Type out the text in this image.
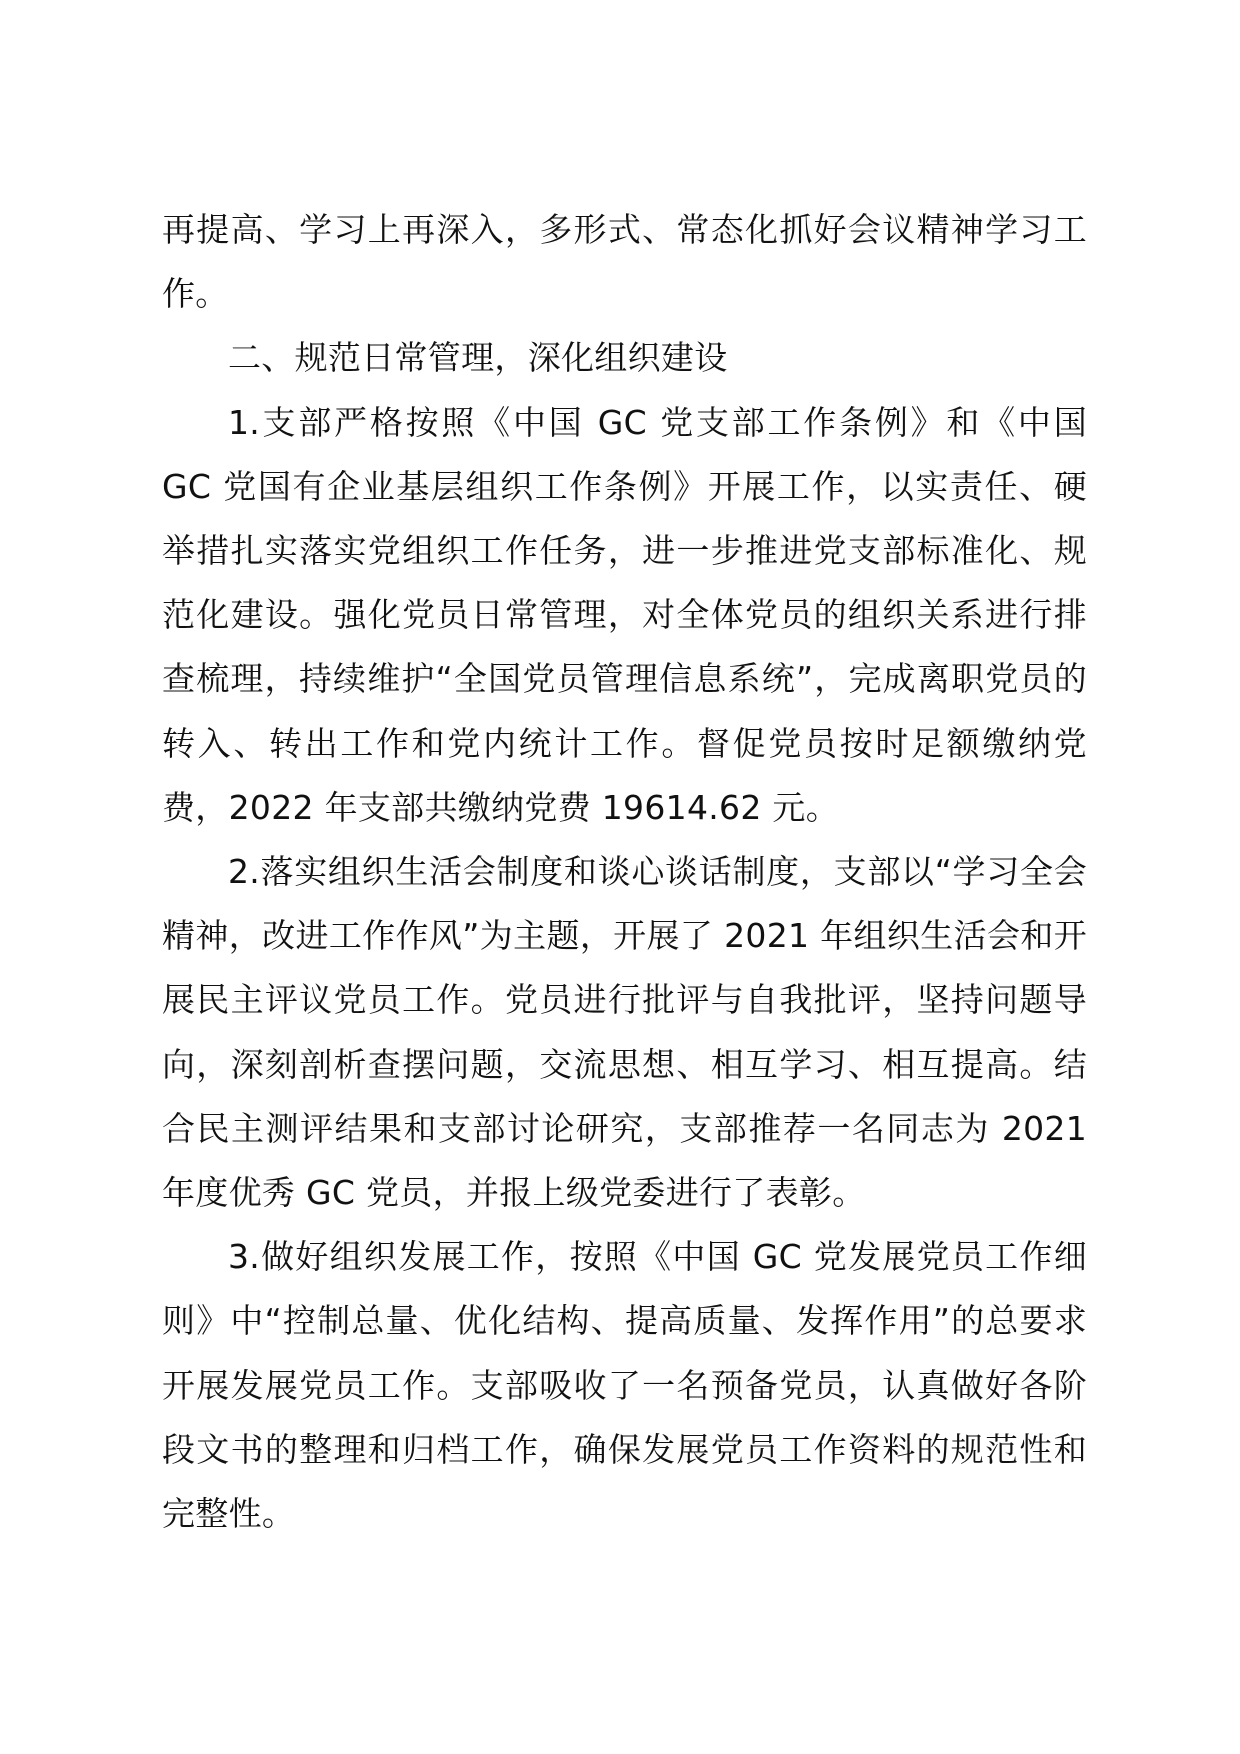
再提高、学习上再深入，多形式、常态化抓好会议精神学习工作。

二、规范日常管理，深化组织建设

1.支部严格按照《中国 GC 党支部工作条例》和《中国 GC 党国有企业基层组织工作条例》开展工作，以实责任、硬举措扎实落实党组织工作任务，进一步推进党支部标准化、规范化建设。强化党员日常管理，对全体党员的组织关系进行排查梳理，持续维护“全国党员管理信息系统”，完成离职党员的转入、转出工作和党内统计工作。督促党员按时足额缴纳党费，2022 年支部共缴纳党费 19614.62 元。

2.落实组织生活会制度和谈心谈话制度，支部以“学习全会精神，改进工作作风”为主题，开展了 2021 年组织生活会和开展民主评议党员工作。党员进行批评与自我批评，坚持问题导向，深刻剖析查摆问题，交流思想、相互学习、相互提高。结合民主测评结果和支部讨论研究，支部推荐一名同志为 2021 年度优秀 GC 党员，并报上级党委进行了表彰。

3.做好组织发展工作，按照《中国 GC 党发展党员工作细则》中“控制总量、优化结构、提高质量、发挥作用”的总要求开展发展党员工作。支部吸收了一名预备党员，认真做好各阶段文书的整理和归档工作，确保发展党员工作资料的规范性和完整性。
